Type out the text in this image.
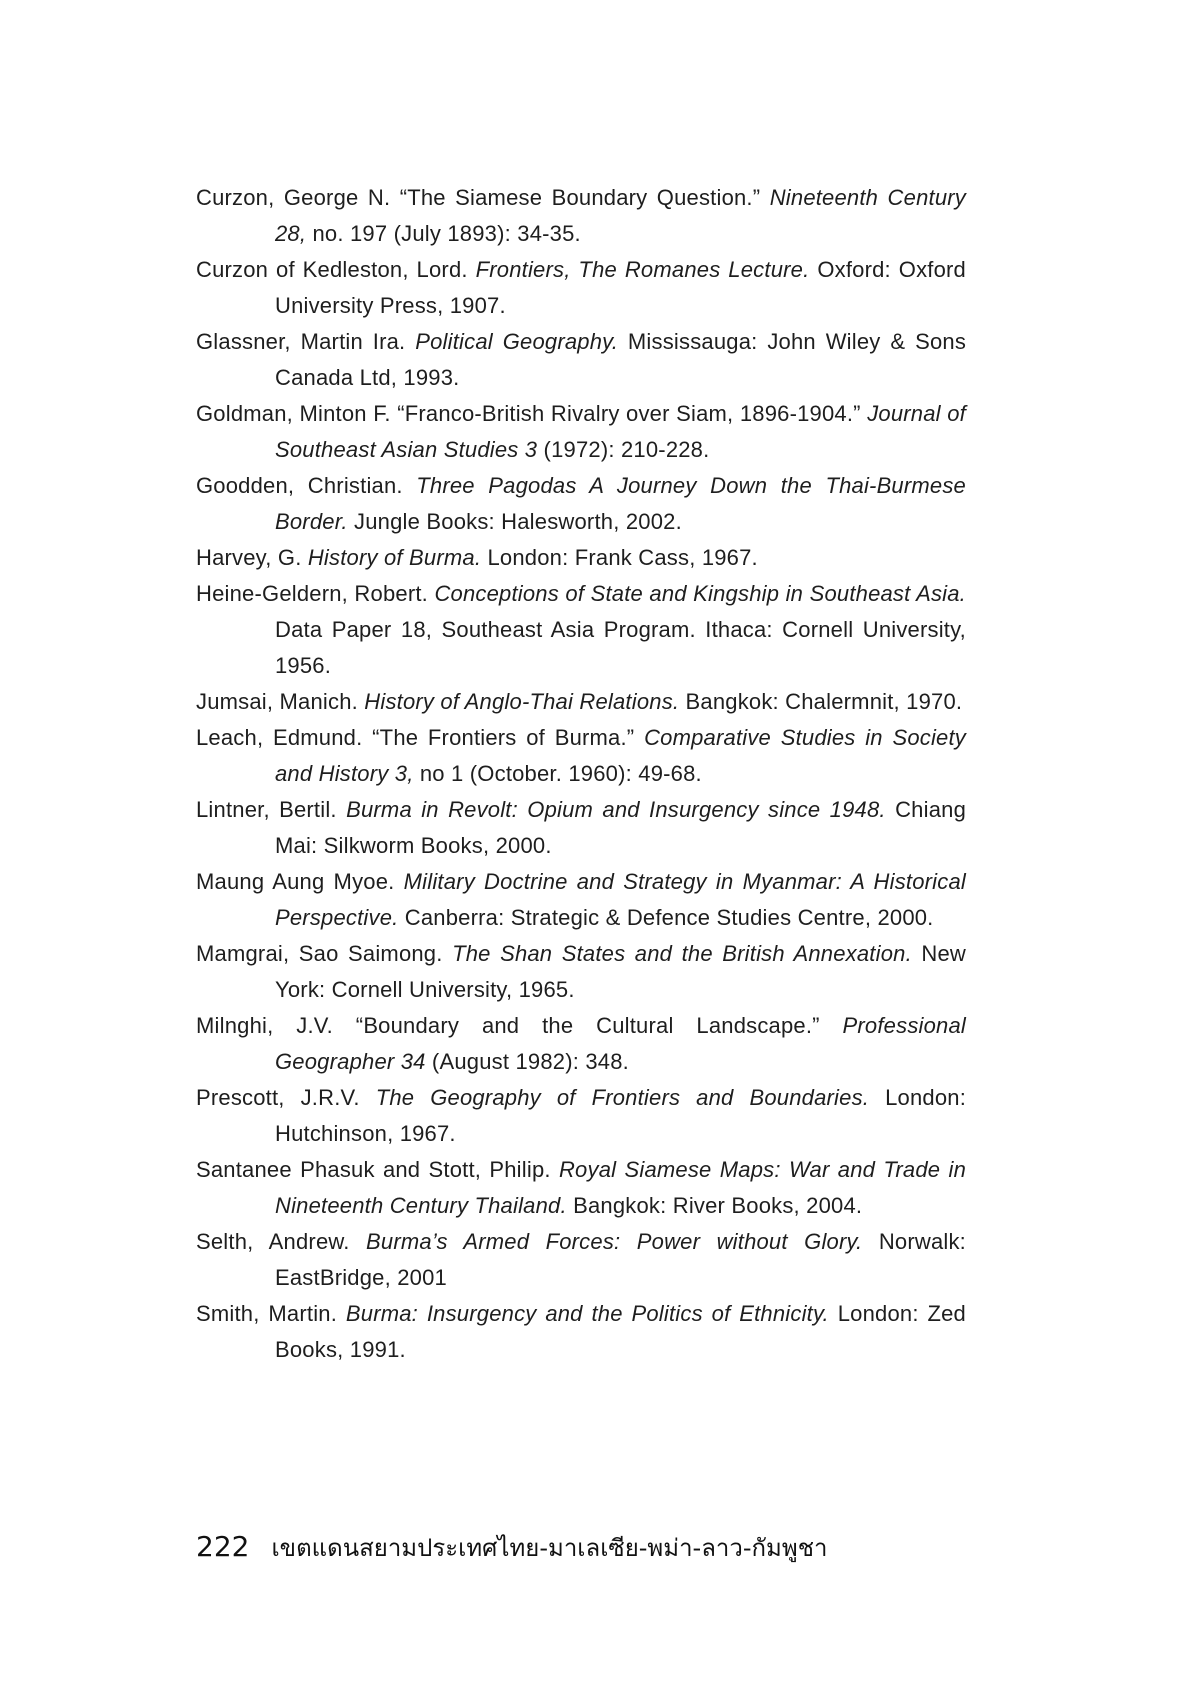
Curzon, George N. “The Siamese Boundary Question.” Nineteenth Century 28, no. 197 (July 1893): 34-35.
Curzon of Kedleston, Lord. Frontiers, The Romanes Lecture. Oxford: Oxford University Press, 1907.
Glassner, Martin Ira. Political Geography. Mississauga: John Wiley & Sons Canada Ltd, 1993.
Goldman, Minton F. “Franco-British Rivalry over Siam, 1896-1904.” Journal of Southeast Asian Studies 3 (1972): 210-228.
Goodden, Christian. Three Pagodas A Journey Down the Thai-Burmese Border. Jungle Books: Halesworth, 2002.
Harvey, G. History of Burma. London: Frank Cass, 1967.
Heine-Geldern, Robert. Conceptions of State and Kingship in Southeast Asia. Data Paper 18, Southeast Asia Program. Ithaca: Cornell University, 1956.
Jumsai, Manich. History of Anglo-Thai Relations. Bangkok: Chalermnit, 1970.
Leach, Edmund. “The Frontiers of Burma.” Comparative Studies in Society and History 3, no 1 (October. 1960): 49-68.
Lintner, Bertil. Burma in Revolt: Opium and Insurgency since 1948. Chiang Mai: Silkworm Books, 2000.
Maung Aung Myoe. Military Doctrine and Strategy in Myanmar: A Historical Perspective. Canberra: Strategic & Defence Studies Centre, 2000.
Mamgrai, Sao Saimong. The Shan States and the British Annexation. New York: Cornell University, 1965.
Milnghi, J.V. “Boundary and the Cultural Landscape.” Professional Geographer 34 (August 1982): 348.
Prescott, J.R.V. The Geography of Frontiers and Boundaries. London: Hutchinson, 1967.
Santanee Phasuk and Stott, Philip. Royal Siamese Maps: War and Trade in Nineteenth Century Thailand. Bangkok: River Books, 2004.
Selth, Andrew. Burma’s Armed Forces: Power without Glory. Norwalk: EastBridge, 2001
Smith, Martin. Burma: Insurgency and the Politics of Ethnicity. London: Zed Books, 1991.
222 เขตแดนสยามประเทศไทย-มาเลเซีย-พม่า-ลาว-กัมพูชา
